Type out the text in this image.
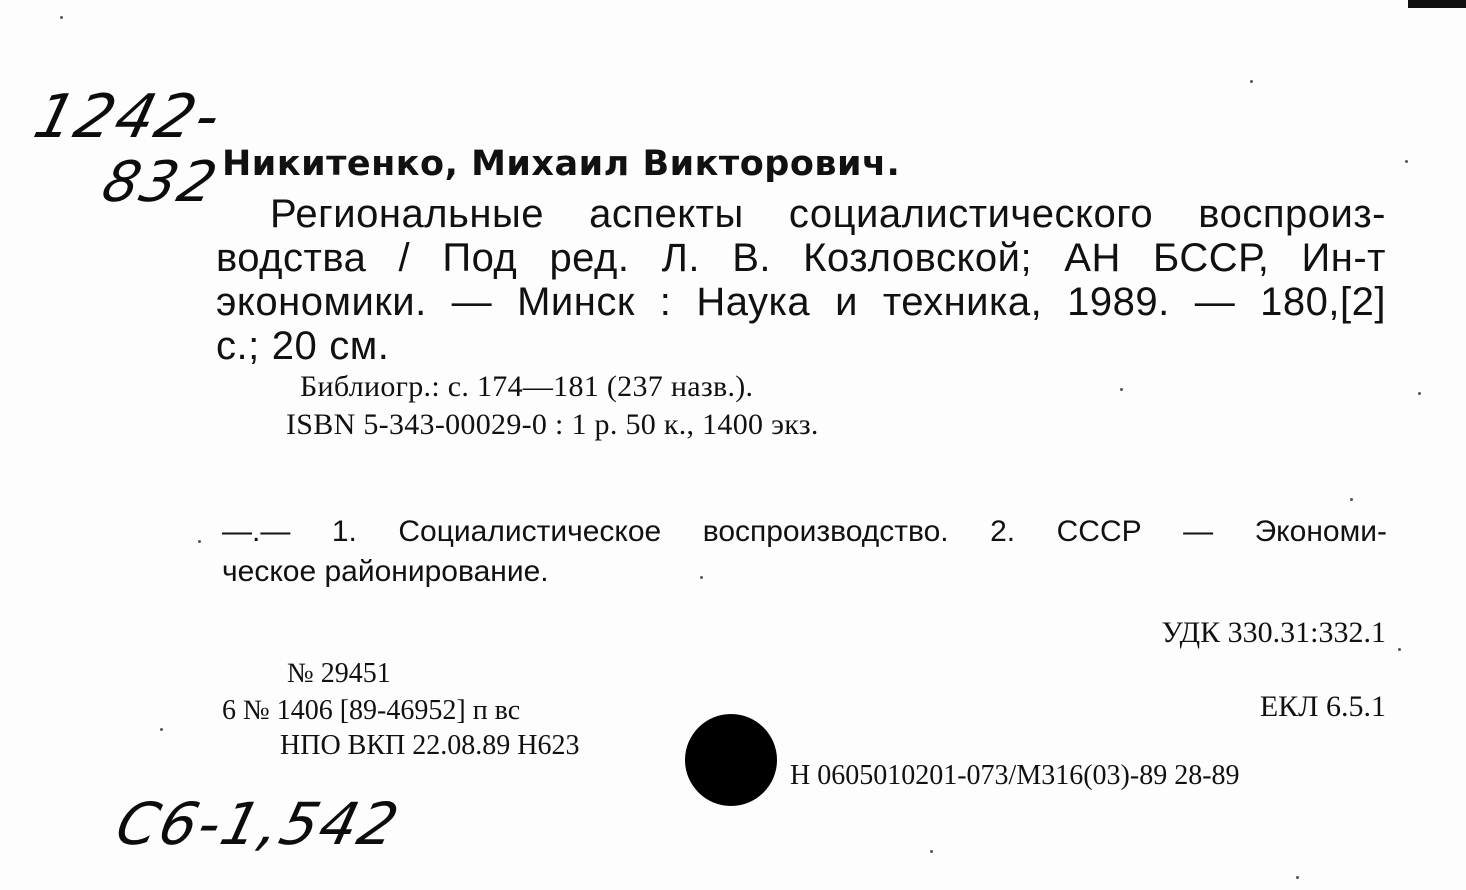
1242-
832
Никитенко, Михаил Викторович.
Региональные аспекты социалистического воспроиз-
водства / Под ред. Л. В. Козловской; АН БССР, Ин-т
экономики. — Минск : Наука и техника, 1989. — 180,[2]
с.; 20 см.
Библиогр.: с. 174—181 (237 назв.).
ISBN 5-343-00029-0 : 1 р. 50 к., 1400 экз.
—.— 1. Социалистическое воспроизводство. 2. СССР — Экономи-
ческое районирование.
УДК 330.31:332.1
ЕКЛ 6.5.1
№ 29451
6 № 1406 [89-46952] п вс
НПО ВКП 22.08.89 Н623
Н 0605010201-073/М316(03)-89 28-89
C6-1,542
